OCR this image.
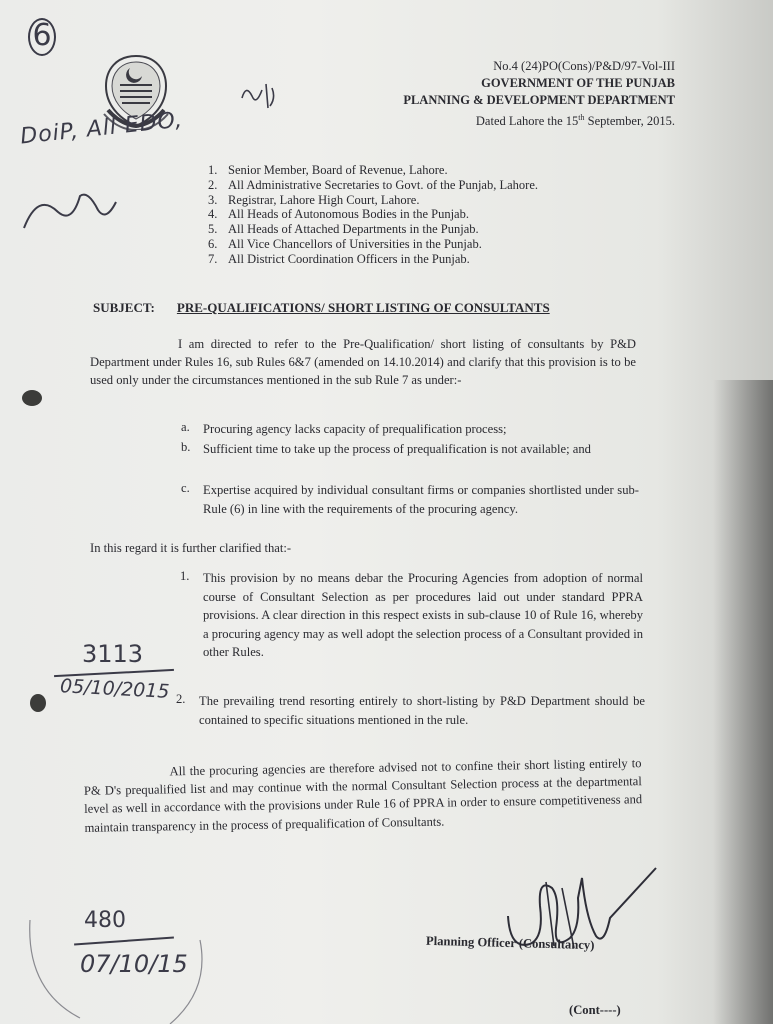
6
DoiP, All EDO,
No.4 (24)PO(Cons)/P&D/97-Vol-III
GOVERNMENT OF THE PUNJAB
PLANNING & DEVELOPMENT DEPARTMENT
Dated Lahore the 15th September, 2015.
1. Senior Member, Board of Revenue, Lahore.
2. All Administrative Secretaries to Govt. of the Punjab, Lahore.
3. Registrar, Lahore High Court, Lahore.
4. All Heads of Autonomous Bodies in the Punjab.
5. All Heads of Attached Departments in the Punjab.
6. All Vice Chancellors of Universities in the Punjab.
7. All District Coordination Officers in the Punjab.
SUBJECT: PRE-QUALIFICATIONS/ SHORT LISTING OF CONSULTANTS
I am directed to refer to the Pre-Qualification/ short listing of consultants by P&D Department under Rules 16, sub Rules 6&7 (amended on 14.10.2014) and clarify that this provision is to be used only under the circumstances mentioned in the sub Rule 7 as under:-
a. Procuring agency lacks capacity of prequalification process;
b. Sufficient time to take up the process of prequalification is not available; and
c. Expertise acquired by individual consultant firms or companies shortlisted under sub- Rule (6) in line with the requirements of the procuring agency.
In this regard it is further clarified that:-
1. This provision by no means debar the Procuring Agencies from adoption of normal course of Consultant Selection as per procedures laid out under standard PPRA provisions. A clear direction in this respect exists in sub-clause 10 of Rule 16, whereby a procuring agency may as well adopt the selection process of a Consultant provided in other Rules.
2. The prevailing trend resorting entirely to short-listing by P&D Department should be contained to specific situations mentioned in the rule.
3113
05/10/2015
All the procuring agencies are therefore advised not to confine their short listing entirely to P& D's prequalified list and may continue with the normal Consultant Selection process at the departmental level as well in accordance with the provisions under Rule 16 of PPRA in order to ensure competitiveness and maintain transparency in the process of prequalification of Consultants.
Planning Officer (Consultancy)
480
07/10/15
(Cont----)
